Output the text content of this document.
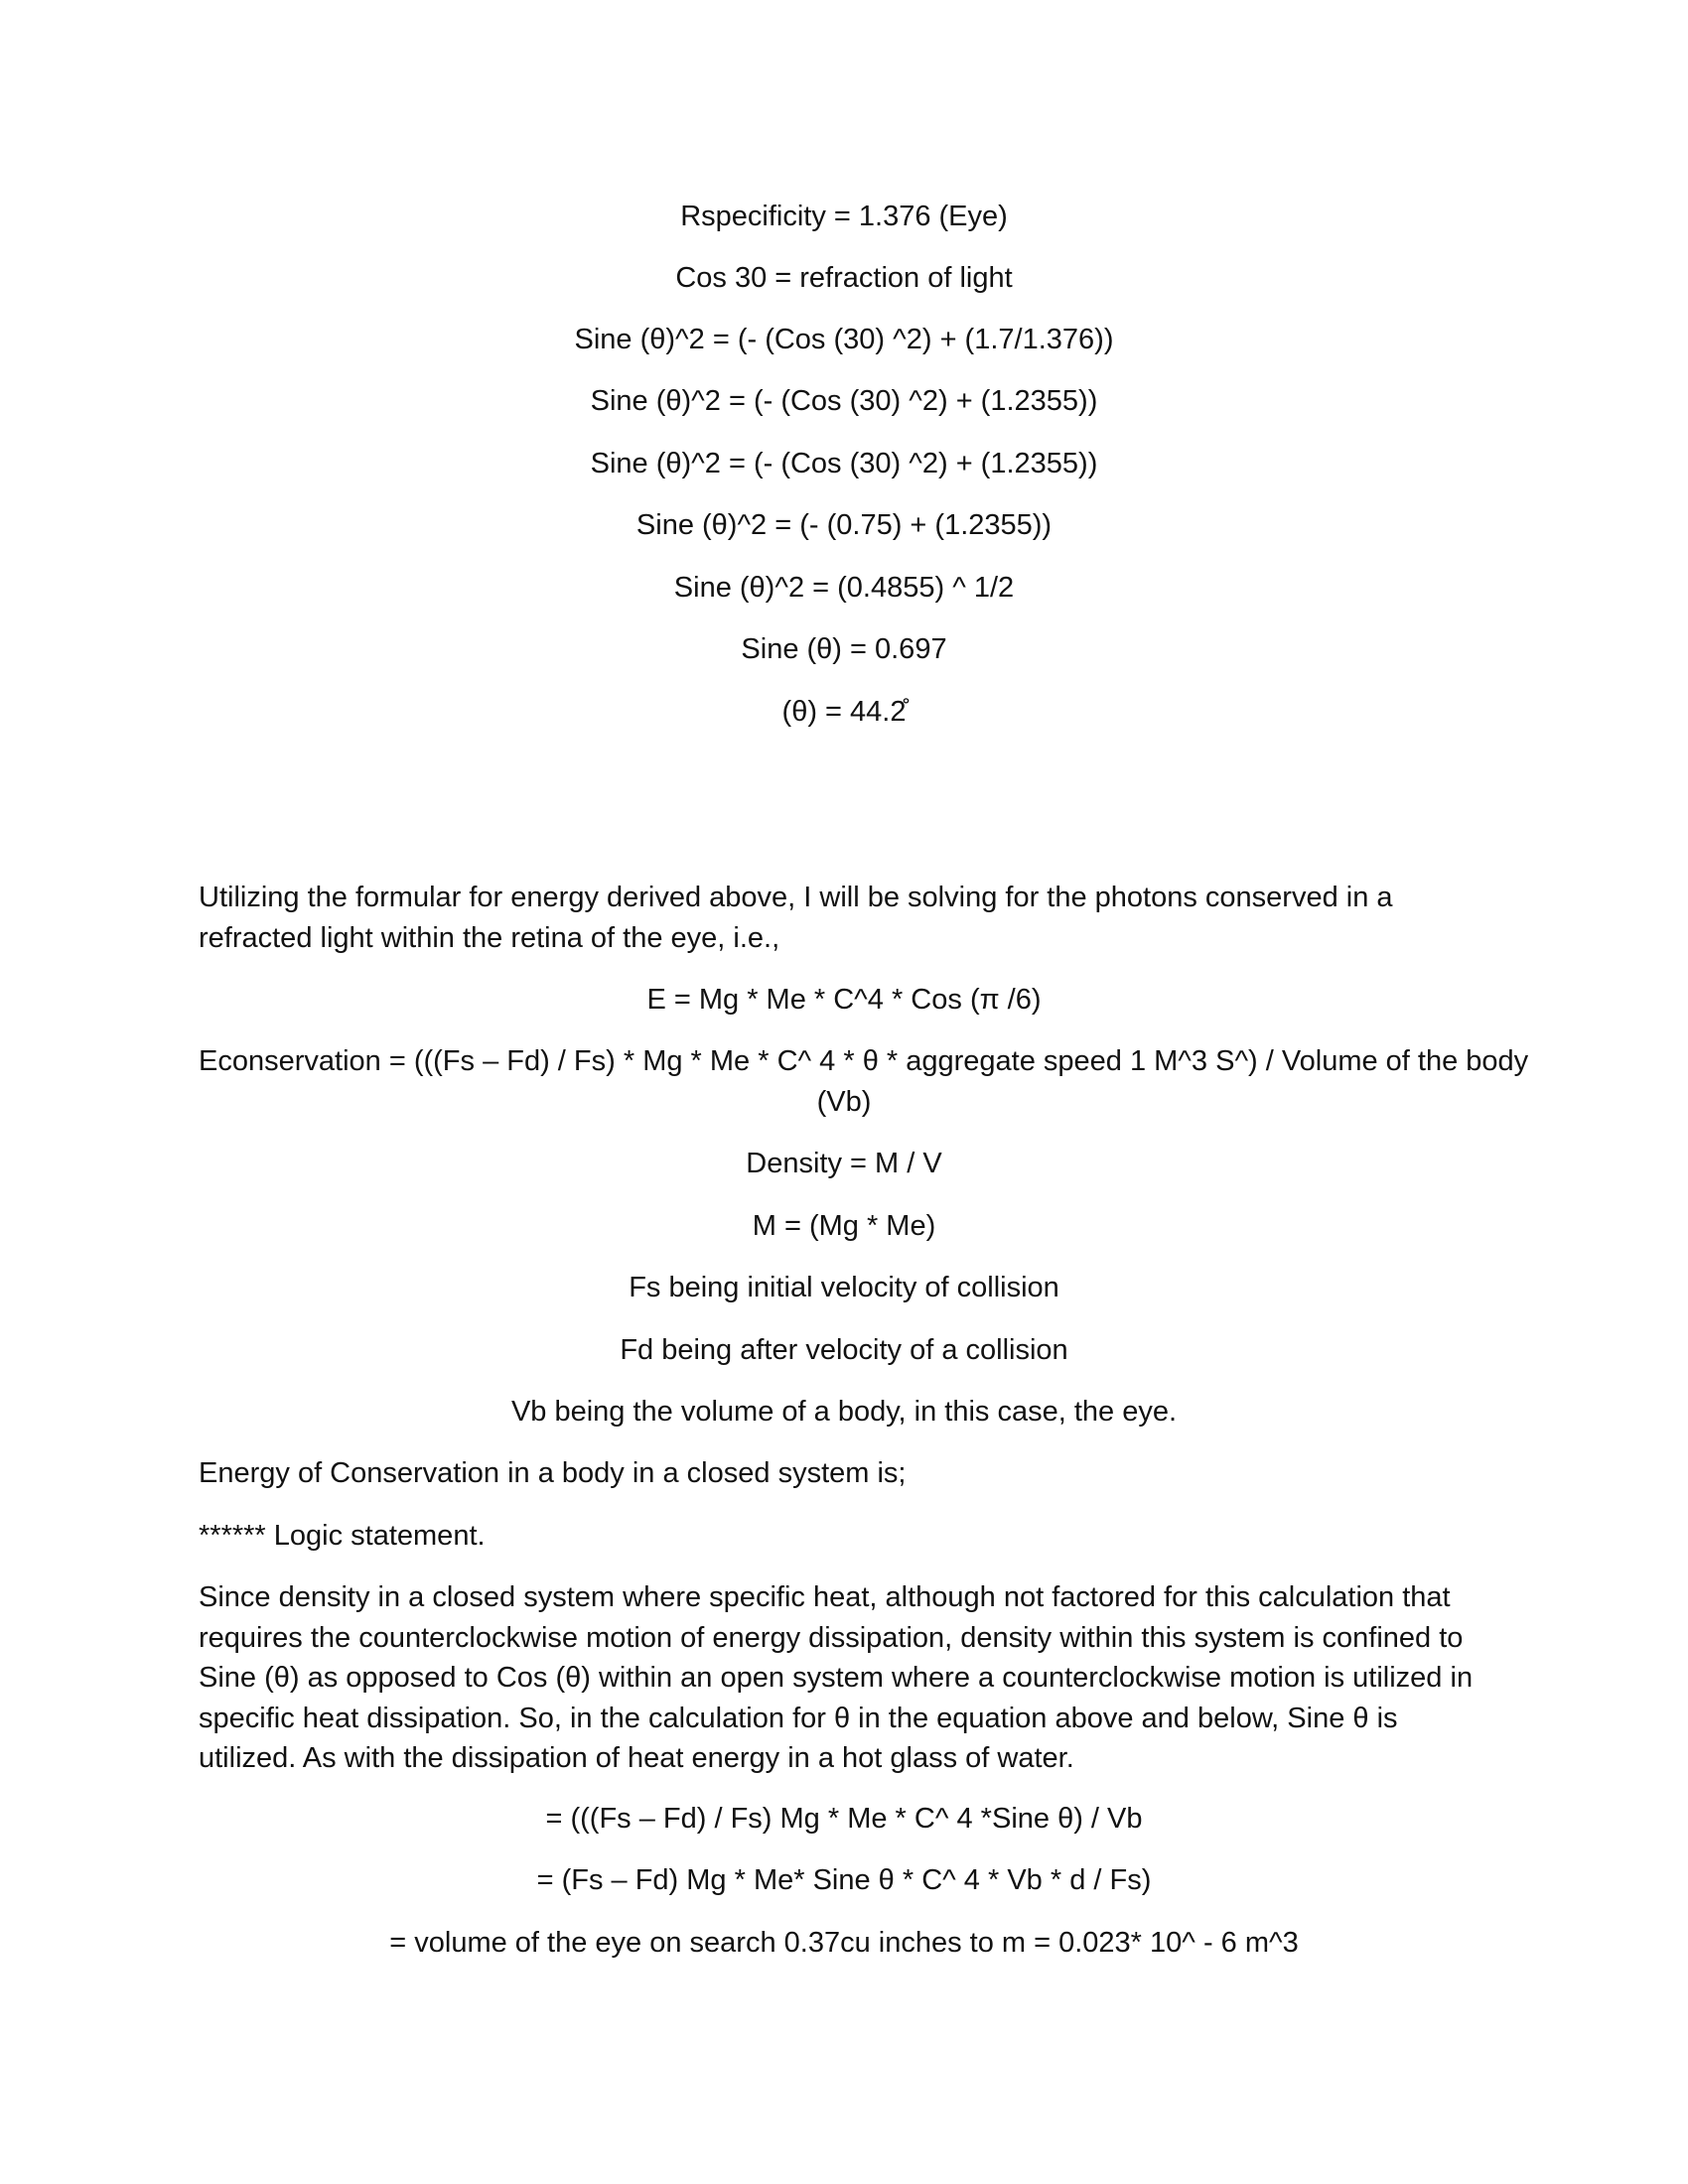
Rspecificity = 1.376 (Eye)
Cos 30 = refraction of light
Sine (θ)^2 = (- (Cos (30) ^2) + (1.7/1.376))
Sine (θ)^2 = (- (Cos (30) ^2) + (1.2355))
Sine (θ)^2 = (- (Cos (30) ^2) + (1.2355))
Sine (θ)^2 = (- (0.75) + (1.2355))
Sine (θ)^2 = (0.4855) ^ 1/2
Sine (θ) = 0.697
(θ) = 44.2̊
Utilizing the formular for energy derived above, I will be solving for the photons conserved in a refracted light within the retina of the eye, i.e.,
E = Mg * Me * C^4 * Cos (π /6)
Econservation = (((Fs – Fd) / Fs) * Mg * Me * C^ 4 * θ * aggregate speed 1 M^3 S^) / Volume of the body
(Vb)
Density = M / V
M = (Mg * Me)
Fs being initial velocity of collision
Fd being after velocity of a collision
Vb being the volume of a body, in this case, the eye.
Energy of Conservation in a body in a closed system is;
****** Logic statement.
Since density in a closed system where specific heat, although not factored for this calculation that requires the counterclockwise motion of energy dissipation, density within this system is confined to Sine (θ) as opposed to Cos (θ) within an open system where a counterclockwise motion is utilized in specific heat dissipation. So, in the calculation for θ in the equation above and below, Sine θ is utilized. As with the dissipation of heat energy in a hot glass of water.
= (((Fs – Fd) / Fs) Mg * Me * C^ 4 *Sine θ) / Vb
= (Fs – Fd) Mg * Me* Sine θ * C^ 4 * Vb * d / Fs)
= volume of the eye on search 0.37cu inches to m = 0.023* 10^ - 6 m^3
